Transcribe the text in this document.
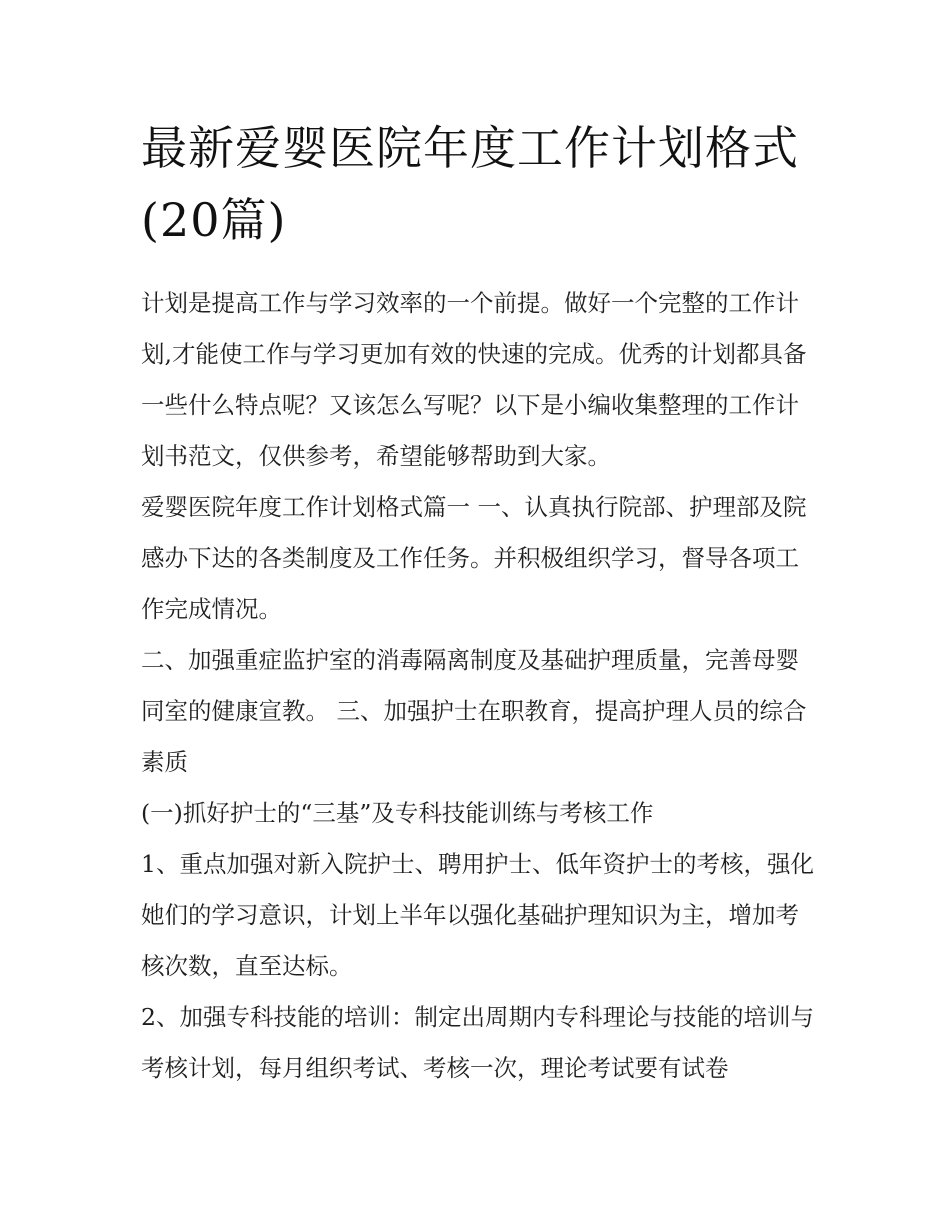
最新爱婴医院年度工作计划格式(20篇)

计划是提高工作与学习效率的一个前提。做好一个完整的工作计划,才能使工作与学习更加有效的快速的完成。优秀的计划都具备一些什么特点呢？又该怎么写呢？以下是小编收集整理的工作计划书范文，仅供参考，希望能够帮助到大家。

爱婴医院年度工作计划格式篇一 一、认真执行院部、护理部及院感办下达的各类制度及工作任务。并积极组织学习，督导各项工作完成情况。

二、加强重症监护室的消毒隔离制度及基础护理质量，完善母婴同室的健康宣教。 三、加强护士在职教育，提高护理人员的综合素质

(一)抓好护士的“三基”及专科技能训练与考核工作

1、重点加强对新入院护士、聘用护士、低年资护士的考核，强化她们的学习意识，计划上半年以强化基础护理知识为主，增加考核次数，直至达标。

2、加强专科技能的培训：制定出周期内专科理论与技能的培训与考核计划，每月组织考试、考核一次，理论考试要有试卷
